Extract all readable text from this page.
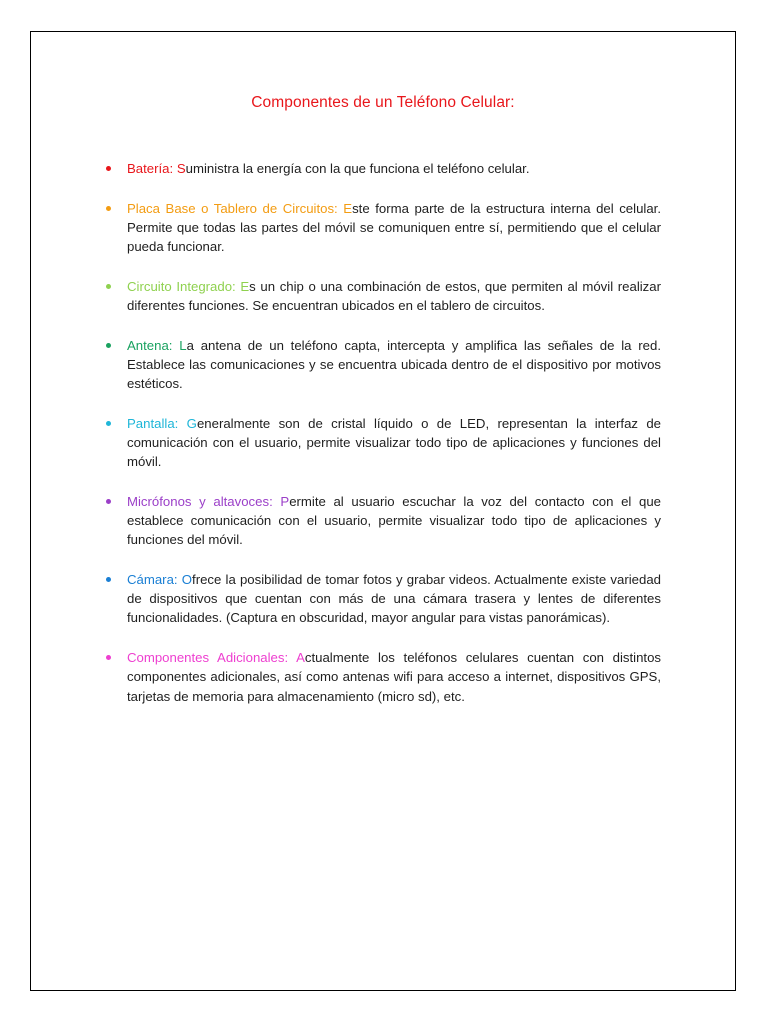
Componentes de un Teléfono Celular:
Batería: Suministra la energía con la que funciona el teléfono celular.
Placa Base o Tablero de Circuitos: Este forma parte de la estructura interna del celular. Permite que todas las partes del móvil se comuniquen entre sí, permitiendo que el celular pueda funcionar.
Circuito Integrado: Es un chip o una combinación de estos, que permiten al móvil realizar diferentes funciones. Se encuentran ubicados en el tablero de circuitos.
Antena: La antena de un teléfono capta, intercepta y amplifica las señales de la red. Establece las comunicaciones y se encuentra ubicada dentro de el dispositivo por motivos estéticos.
Pantalla: Generalmente son de cristal líquido o de LED, representan la interfaz de comunicación con el usuario, permite visualizar todo tipo de aplicaciones y funciones del móvil.
Micrófonos y altavoces: Permite al usuario escuchar la voz del contacto con el que establece comunicación con el usuario, permite visualizar todo tipo de aplicaciones y funciones del móvil.
Cámara: Ofrece la posibilidad de tomar fotos y grabar videos. Actualmente existe variedad de dispositivos que cuentan con más de una cámara trasera y lentes de diferentes funcionalidades. (Captura en obscuridad, mayor angular para vistas panorámicas).
Componentes Adicionales: Actualmente los teléfonos celulares cuentan con distintos componentes adicionales, así como antenas wifi para acceso a internet, dispositivos GPS, tarjetas de memoria para almacenamiento (micro sd), etc.
